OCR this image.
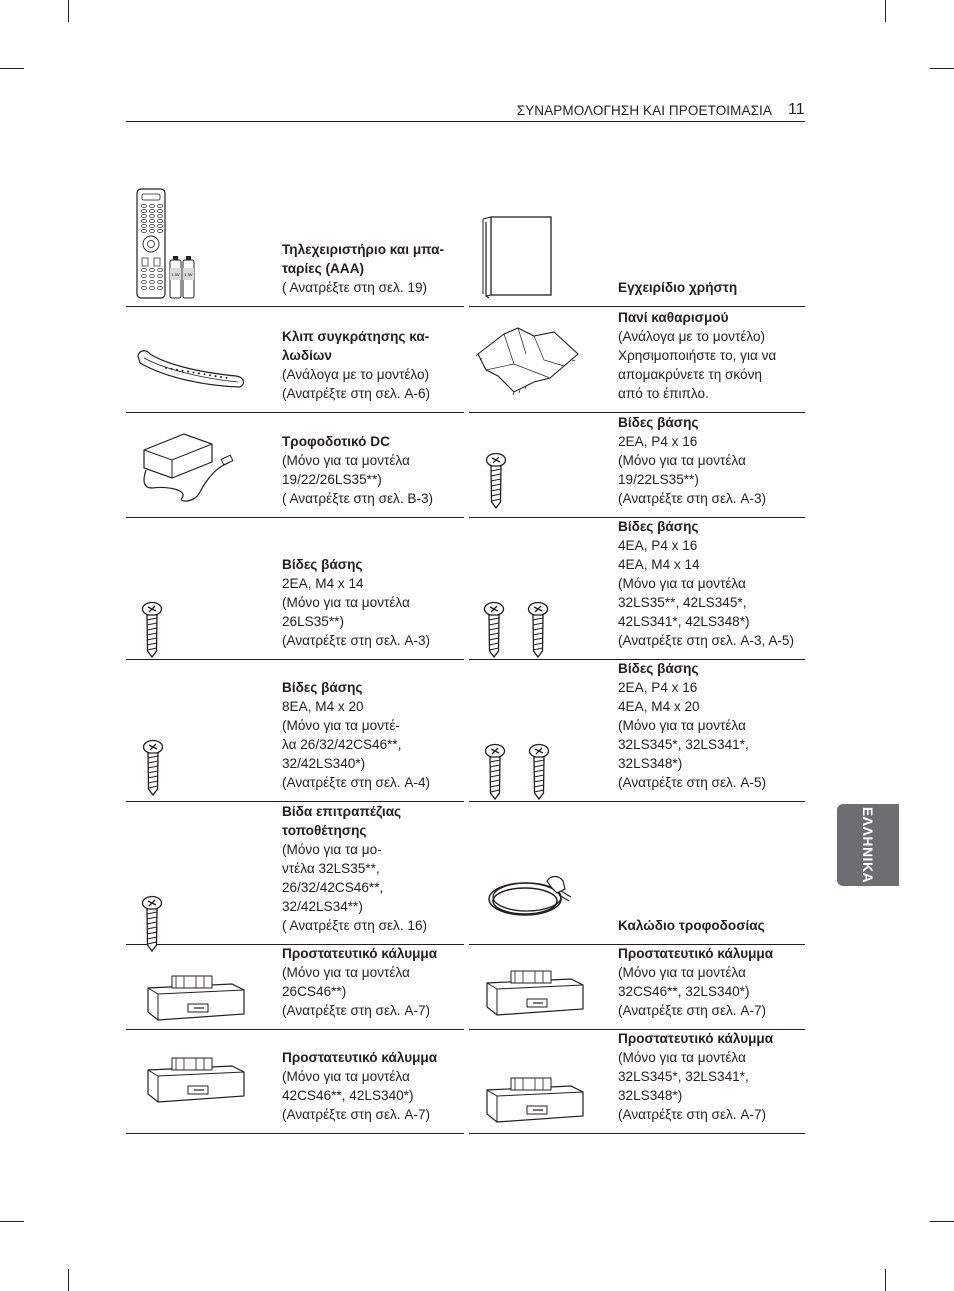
ΣΥΝΑΡΜΟΛΟΓΗΣΗ ΚΑΙ ΠΡΟΕΤΟΙΜΑΣΙΑ 11
ΕΛΛΗΝΙΚΑ
1.5V 1.5V
Τηλεχειριστήριο και μπα-
ταρίες (AAA)
( Ανατρέξτε στη σελ. 19)	Εγχειρίδιο χρήστη
Κλιπ συγκράτησης κα-
λωδίων
(Ανάλογα με το μοντέλο)
(Ανατρέξτε στη σελ. A-6)
Πανί καθαρισμού
(Ανάλογα με το μοντέλο)
Χρησιμοποιήστε το, για να
απομακρύνετε τη σκόνη
από το έπιπλο.
Τροφοδοτικό DC
(Μόνο για τα μοντέλα
19/22/26LS35**)
( Ανατρέξτε στη σελ. B-3)
Βίδες βάσης
2EA, P4 x 16
(Μόνο για τα μοντέλα
19/22LS35**)
(Ανατρέξτε στη σελ. A-3)
Βίδες βάσης
2EA, M4 x 14
(Μόνο για τα μοντέλα
26LS35**)
(Ανατρέξτε στη σελ. A-3)
Βίδες βάσης
4EA, P4 x 16
4EA, M4 x 14
(Μόνο για τα μοντέλα
32LS35**, 42LS345*,
42LS341*, 42LS348*)
(Ανατρέξτε στη σελ. A-3, A-5)
Βίδες βάσης
8EA, M4 x 20
(Μόνο για τα μοντέ-
λα 26/32/42CS46**,
32/42LS340*)
(Ανατρέξτε στη σελ. A-4)
Βίδες βάσης
2EA, P4 x 16
4EA, M4 x 20
(Μόνο για τα μοντέλα
32LS345*, 32LS341*,
32LS348*)
(Ανατρέξτε στη σελ. A-5)
Βίδα επιτραπέζιας
τοποθέτησης
(Μόνο για τα μο-
ντέλα 32LS35**,
26/32/42CS46**,
32/42LS34**)
( Ανατρέξτε στη σελ. 16)	Καλώδιο τροφοδοσίας
Προστατευτικό κάλυμμα
(Μόνο για τα μοντέλα
26CS46**)
(Ανατρέξτε στη σελ. A-7)
Προστατευτικό κάλυμμα
(Μόνο για τα μοντέλα
32CS46**, 32LS340*)
(Ανατρέξτε στη σελ. A-7)
Προστατευτικό κάλυμμα
(Μόνο για τα μοντέλα
42CS46**, 42LS340*)
(Ανατρέξτε στη σελ. A-7)
Προστατευτικό κάλυμμα
(Μόνο για τα μοντέλα
32LS345*, 32LS341*,
32LS348*)
(Ανατρέξτε στη σελ. A-7)
